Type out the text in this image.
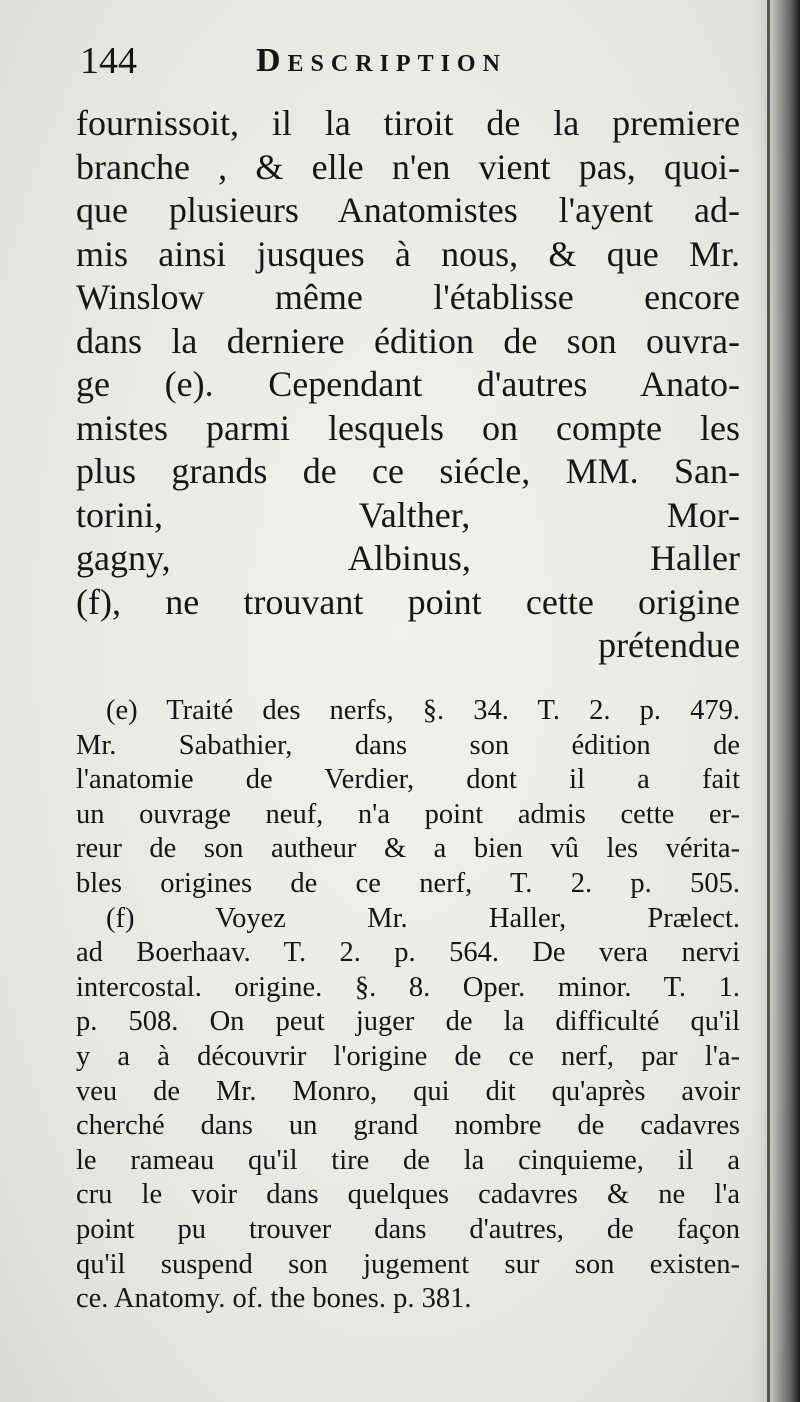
144	Description
fournissoit, il la tiroit de la premiere
branche , & elle n'en vient pas, quoi-
que plusieurs Anatomistes l'ayent ad-
mis ainsi jusques à nous, & que Mr.
Winslow même l'établisse encore
dans la derniere édition de son ouvra-
ge (e). Cependant d'autres Anato-
mistes parmi lesquels on compte les
plus grands de ce siécle, MM. San-
torini, Valther, Mor-
gagny, Albinus, Haller
(f), ne trouvant point cette origine
prétendue
(e) Traité des nerfs, §. 34. T. 2. p. 479.
Mr. Sabathier, dans son édition de
l'anatomie de Verdier, dont il a fait
un ouvrage neuf, n'a point admis cette er-
reur de son autheur & a bien vû les vérita-
bles origines de ce nerf, T. 2. p. 505.
(f) Voyez Mr. Haller, Prælect.
ad Boerhaav. T. 2. p. 564. De vera nervi
intercostal. origine. §. 8. Oper. minor. T. 1.
p. 508. On peut juger de la difficulté qu'il
y a à découvrir l'origine de ce nerf, par l'a-
veu de Mr. Monro, qui dit qu'après avoir
cherché dans un grand nombre de cadavres
le rameau qu'il tire de la cinquieme, il a
cru le voir dans quelques cadavres & ne l'a
point pu trouver dans d'autres, de façon
qu'il suspend son jugement sur son existen-
ce. Anatomy. of. the bones. p. 381.
